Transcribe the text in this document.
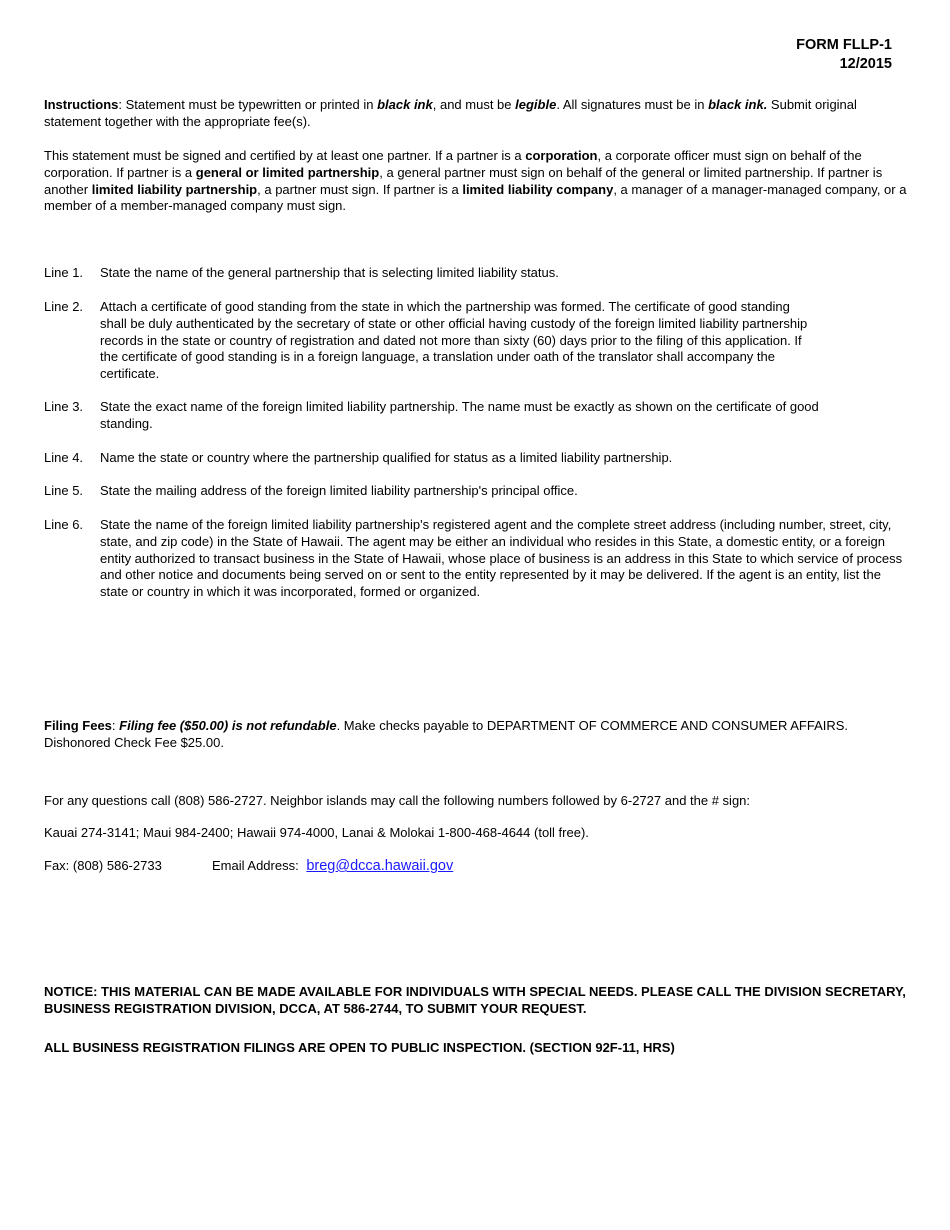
FORM FLLP-1
12/2015
Instructions: Statement must be typewritten or printed in black ink, and must be legible. All signatures must be in black ink. Submit original statement together with the appropriate fee(s).
This statement must be signed and certified by at least one partner. If a partner is a corporation, a corporate officer must sign on behalf of the corporation. If partner is a general or limited partnership, a general partner must sign on behalf of the general or limited partnership. If partner is another limited liability partnership, a partner must sign. If partner is a limited liability company, a manager of a manager-managed company, or a member of a member-managed company must sign.
Line 1.	State the name of the general partnership that is selecting limited liability status.
Line 2.	Attach a certificate of good standing from the state in which the partnership was formed. The certificate of good standing shall be duly authenticated by the secretary of state or other official having custody of the foreign limited liability partnership records in the state or country of registration and dated not more than sixty (60) days prior to the filing of this application. If the certificate of good standing is in a foreign language, a translation under oath of the translator shall accompany the certificate.
Line 3.	State the exact name of the foreign limited liability partnership. The name must be exactly as shown on the certificate of good standing.
Line 4.	Name the state or country where the partnership qualified for status as a limited liability partnership.
Line 5.	State the mailing address of the foreign limited liability partnership's principal office.
Line 6.	State the name of the foreign limited liability partnership's registered agent and the complete street address (including number, street, city, state, and zip code) in the State of Hawaii. The agent may be either an individual who resides in this State, a domestic entity, or a foreign entity authorized to transact business in the State of Hawaii, whose place of business is an address in this State to which service of process and other notice and documents being served on or sent to the entity represented by it may be delivered. If the agent is an entity, list the state or country in which it was incorporated, formed or organized.
Filing Fees: Filing fee ($50.00) is not refundable. Make checks payable to DEPARTMENT OF COMMERCE AND CONSUMER AFFAIRS. Dishonored Check Fee $25.00.
For any questions call (808) 586-2727. Neighbor islands may call the following numbers followed by 6-2727 and the # sign:
Kauai 274-3141; Maui 984-2400; Hawaii 974-4000, Lanai & Molokai 1-800-468-4644 (toll free).
Fax: (808) 586-2733	Email Address: breg@dcca.hawaii.gov
NOTICE: THIS MATERIAL CAN BE MADE AVAILABLE FOR INDIVIDUALS WITH SPECIAL NEEDS. PLEASE CALL THE DIVISION SECRETARY, BUSINESS REGISTRATION DIVISION, DCCA, AT 586-2744, TO SUBMIT YOUR REQUEST.
ALL BUSINESS REGISTRATION FILINGS ARE OPEN TO PUBLIC INSPECTION. (SECTION 92F-11, HRS)
